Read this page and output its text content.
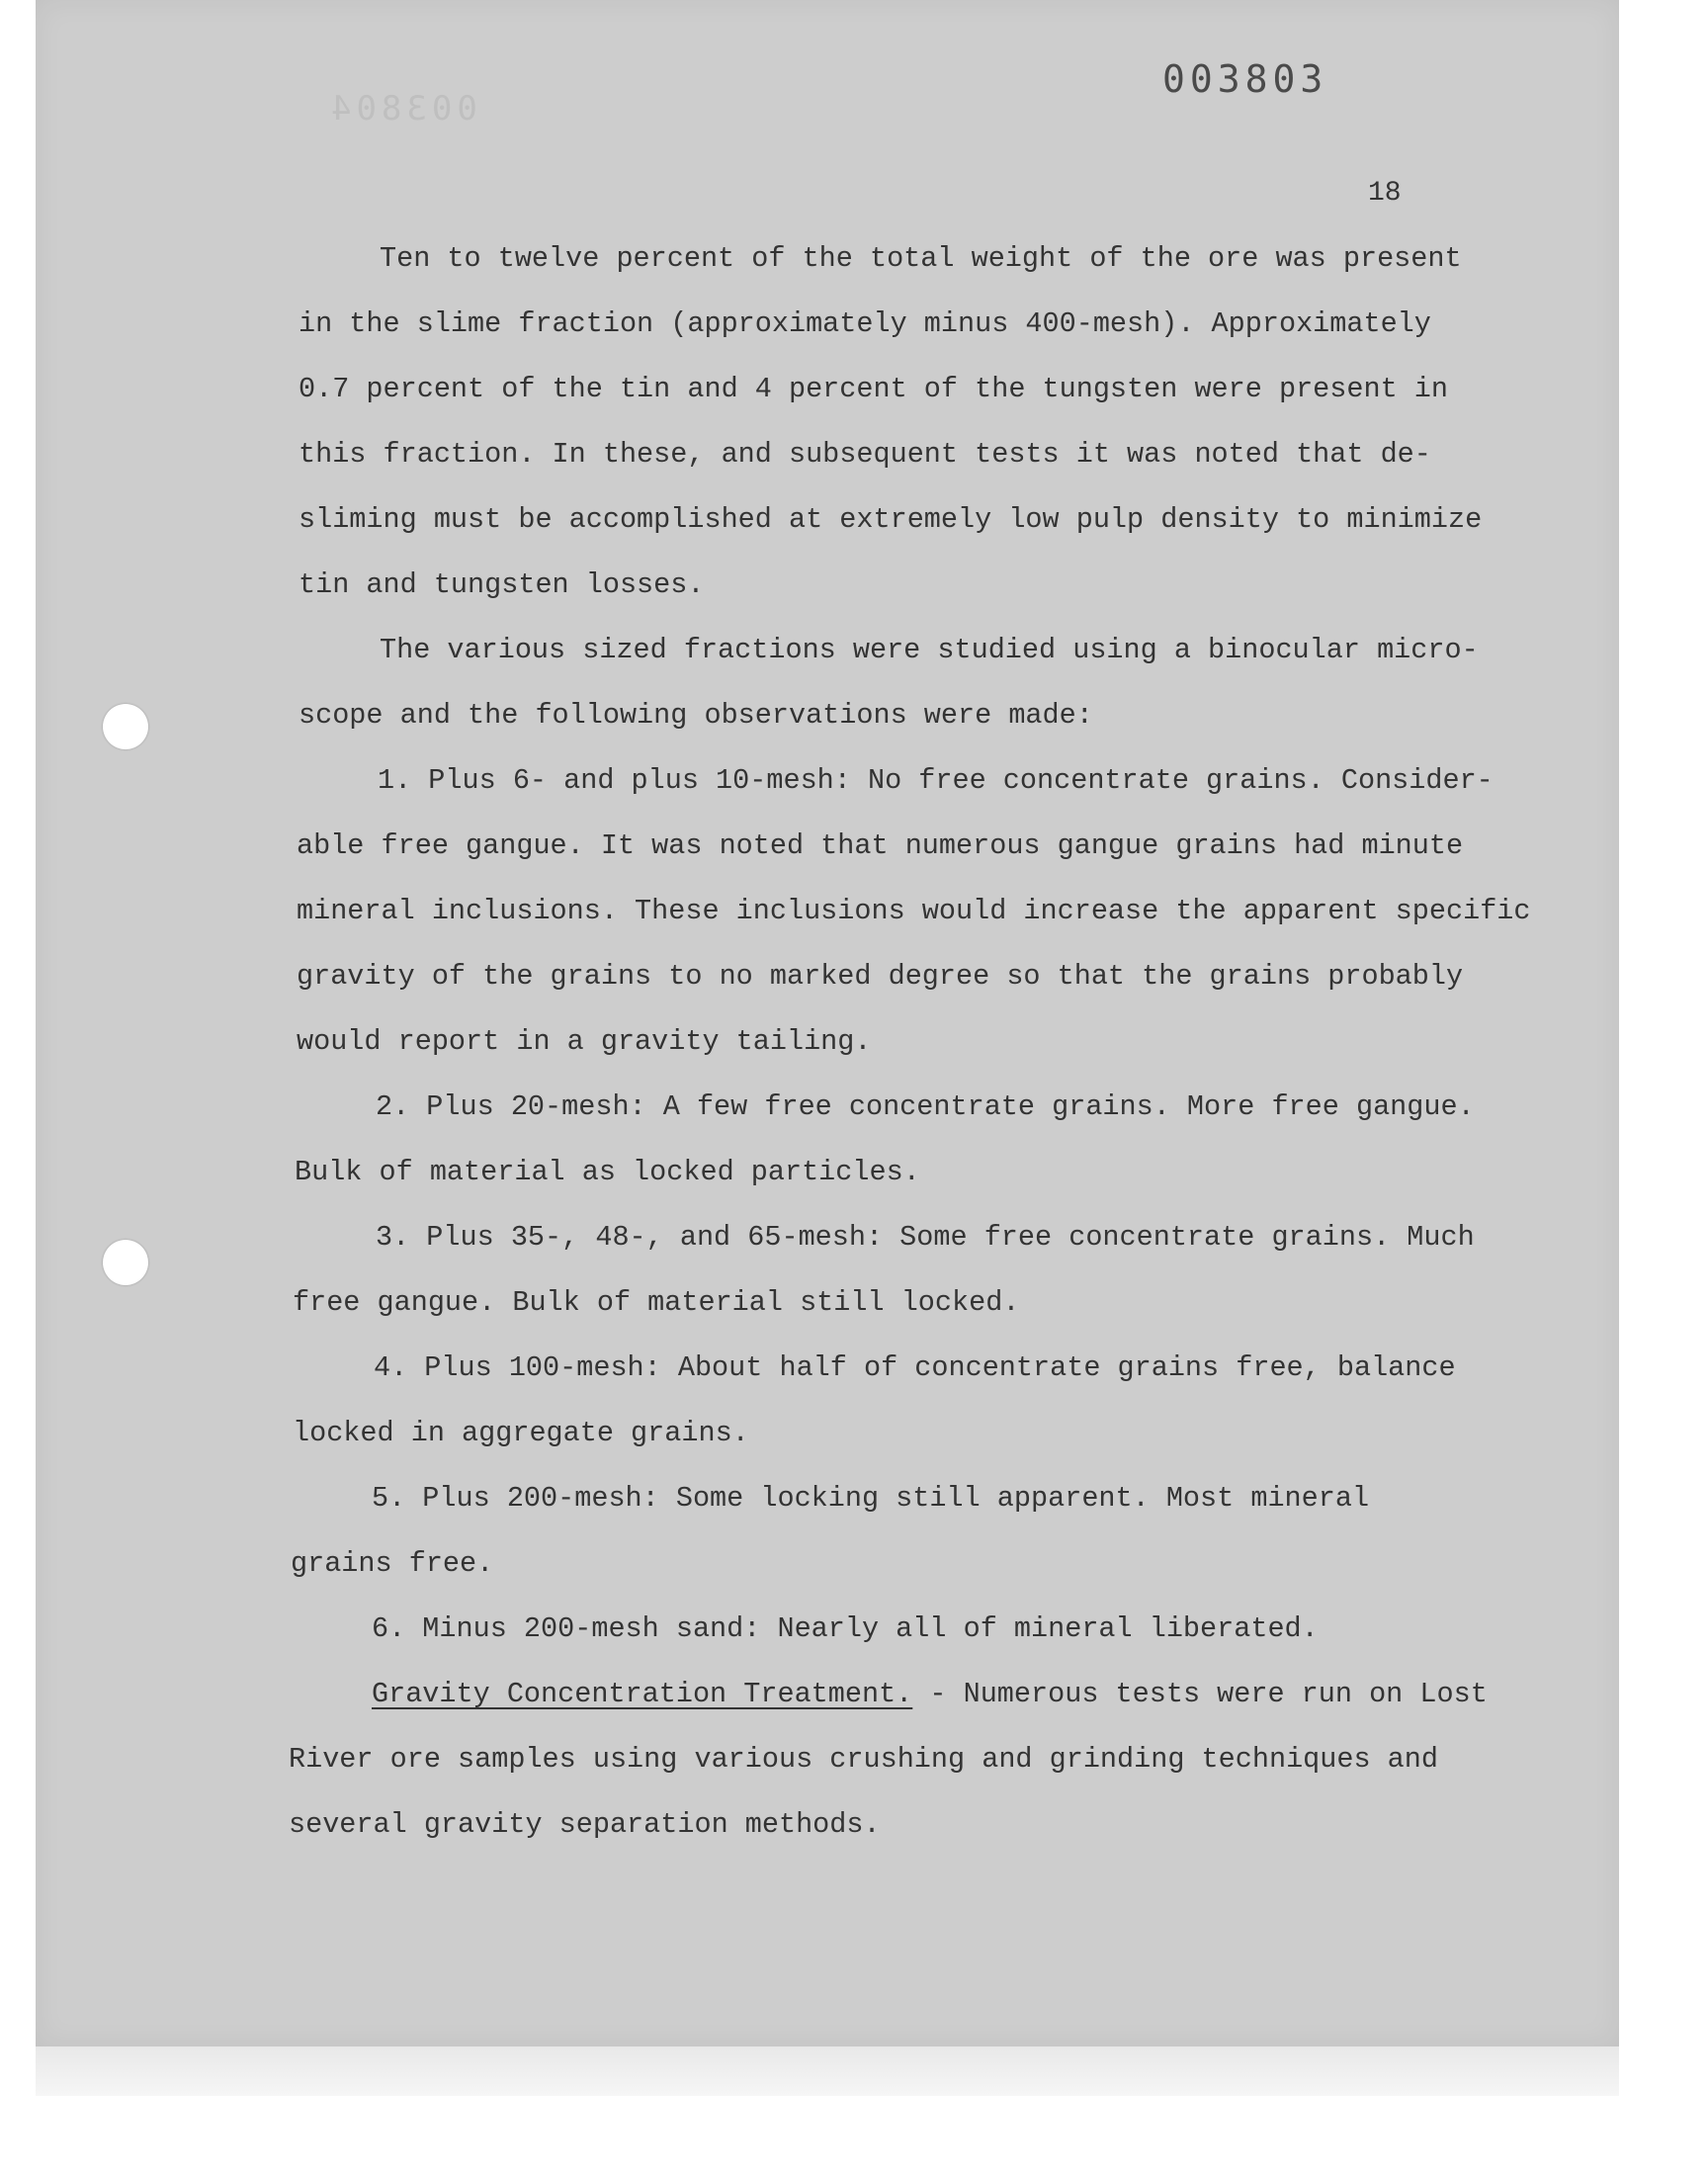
003804
003803
18
Ten to twelve percent of the total weight of the ore was present
in the slime fraction (approximately minus 400-mesh). Approximately
0.7 percent of the tin and 4 percent of the tungsten were present in
this fraction. In these, and subsequent tests it was noted that de-
sliming must be accomplished at extremely low pulp density to minimize
tin and tungsten losses.
The various sized fractions were studied using a binocular micro-
scope and the following observations were made:
1. Plus 6- and plus 10-mesh: No free concentrate grains. Consider-
able free gangue. It was noted that numerous gangue grains had minute
mineral inclusions. These inclusions would increase the apparent specific
gravity of the grains to no marked degree so that the grains probably
would report in a gravity tailing.
2. Plus 20-mesh: A few free concentrate grains. More free gangue.
Bulk of material as locked particles.
3. Plus 35-, 48-, and 65-mesh: Some free concentrate grains. Much
free gangue. Bulk of material still locked.
4. Plus 100-mesh: About half of concentrate grains free, balance
locked in aggregate grains.
5. Plus 200-mesh: Some locking still apparent. Most mineral
grains free.
6. Minus 200-mesh sand: Nearly all of mineral liberated.
Gravity Concentration Treatment. - Numerous tests were run on Lost
River ore samples using various crushing and grinding techniques and
several gravity separation methods.
